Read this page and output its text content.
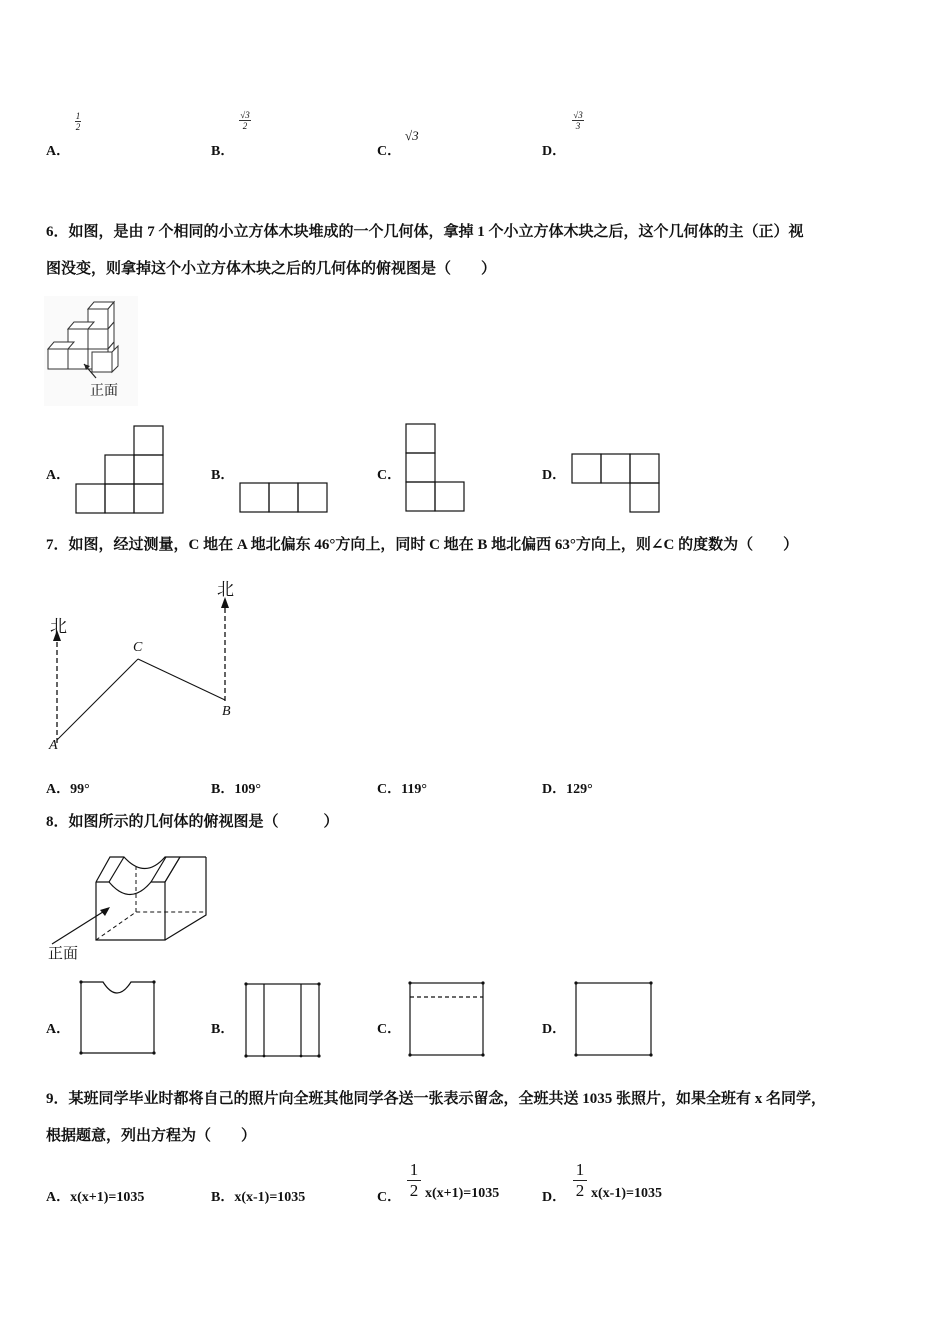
A．
$\frac{1}{2}$
B．
$\frac{√3}{2}$
C．
√3
D．
$\frac{√3}{3}$
6．如图，是由 7 个相同的小立方体木块堆成的一个几何体，拿掉 1 个小立方体木块之后，这个几何体的主（正）视
图没变，则拿掉这个小立方体木块之后的几何体的俯视图是（　　）
正面
A．	B．	C．	D．
7．如图，经过测量，C 地在 A 地北偏东 46°方向上，同时 C 地在 B 地北偏西 63°方向上，则∠C 的度数为（　　）
北
北
A
C
B
A．99°	B．109°	C．119°	D．129°
8．如图所示的几何体的俯视图是（　　　）
正面
A．	B．	C．	D．
9．某班同学毕业时都将自己的照片向全班其他同学各送一张表示留念，全班共送 1035 张照片，如果全班有 x 名同学，
根据题意，列出方程为（　　）
A．x(x+1)=1035	B．x(x-1)=1035	C． $\frac{1}{2} x(x+1)=1035$	D． $\frac{1}{2} x(x-1)=1035$
